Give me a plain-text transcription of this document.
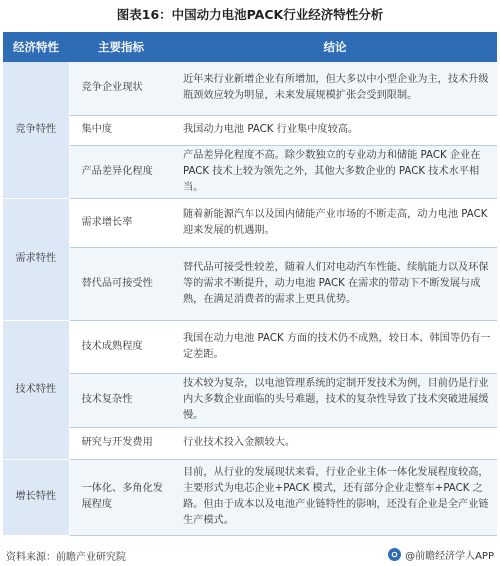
图表16：中国动力电池PACK行业经济特性分析
经济特性	主要指标	结论
竞争特性	竞争企业现状	近年来行业新增企业有所增加，但大多以中小型企业为主，技术升级瓶颈效应较为明显，未来发展规模扩张会受到限制。
	集中度	我国动力电池 PACK 行业集中度较高。
	产品差异化程度	产品差异化程度不高。除少数独立的专业动力和储能 PACK 企业在 PACK 技术上较为领先之外，其他大多数企业的 PACK 技术水平相当。
需求特性	需求增长率	随着新能源汽车以及国内储能产业市场的不断走高，动力电池 PACK 迎来发展的机遇期。
	替代品可接受性	替代品可接受性较差，随着人们对电动汽车性能、续航能力以及环保等的需求不断提升，动力电池 PACK 在需求的带动下不断发展与成熟，在满足消费者的需求上更具优势。
技术特性	技术成熟程度	我国在动力电池 PACK 方面的技术仍不成熟，较日本、韩国等仍有一定差距。
	技术复杂性	技术较为复杂，以电池管理系统的定制开发技术为例，目前仍是行业内大多数企业面临的头号难题，技术的复杂性导致了技术突破进展缓慢。
	研究与开发费用	行业技术投入金额较大。
增长特性	一体化、多角化发展程度	目前，从行业的发展现状来看，行业企业主体一体化发展程度较高，主要形式为电芯企业+PACK 模式，还有部分企业走整车+PACK 之路。但由于成本以及电池产业链特性的影响，还没有企业是全产业链生产模式。
资料来源：前瞻产业研究院	@前瞻经济学人APP
